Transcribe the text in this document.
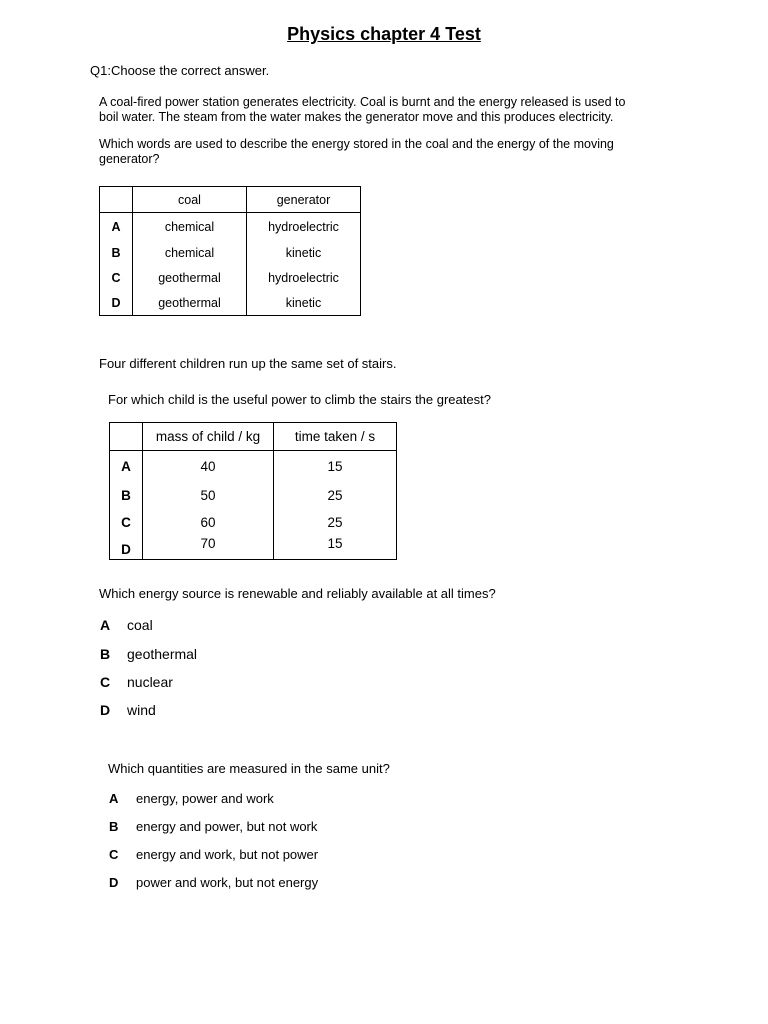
Physics chapter 4 Test
Q1:Choose the correct answer.
A coal-fired power station generates electricity. Coal is burnt and the energy released is used to
boil water. The steam from the water makes the generator move and this produces electricity.
Which words are used to describe the energy stored in the coal and the energy of the moving
generator?
	coal	generator
A	chemical	hydroelectric
B	chemical	kinetic
C	geothermal	hydroelectric
D	geothermal	kinetic
Four different children run up the same set of stairs.
For which child is the useful power to climb the stairs the greatest?
	mass of child / kg	time taken / s
A	40	15
B	50	25
C	60	25
D	70	15
Which energy source is renewable and reliably available at all times?
A coal
B geothermal
C nuclear
D wind
Which quantities are measured in the same unit?
A energy, power and work
B energy and power, but not work
C energy and work, but not power
D power and work, but not energy
